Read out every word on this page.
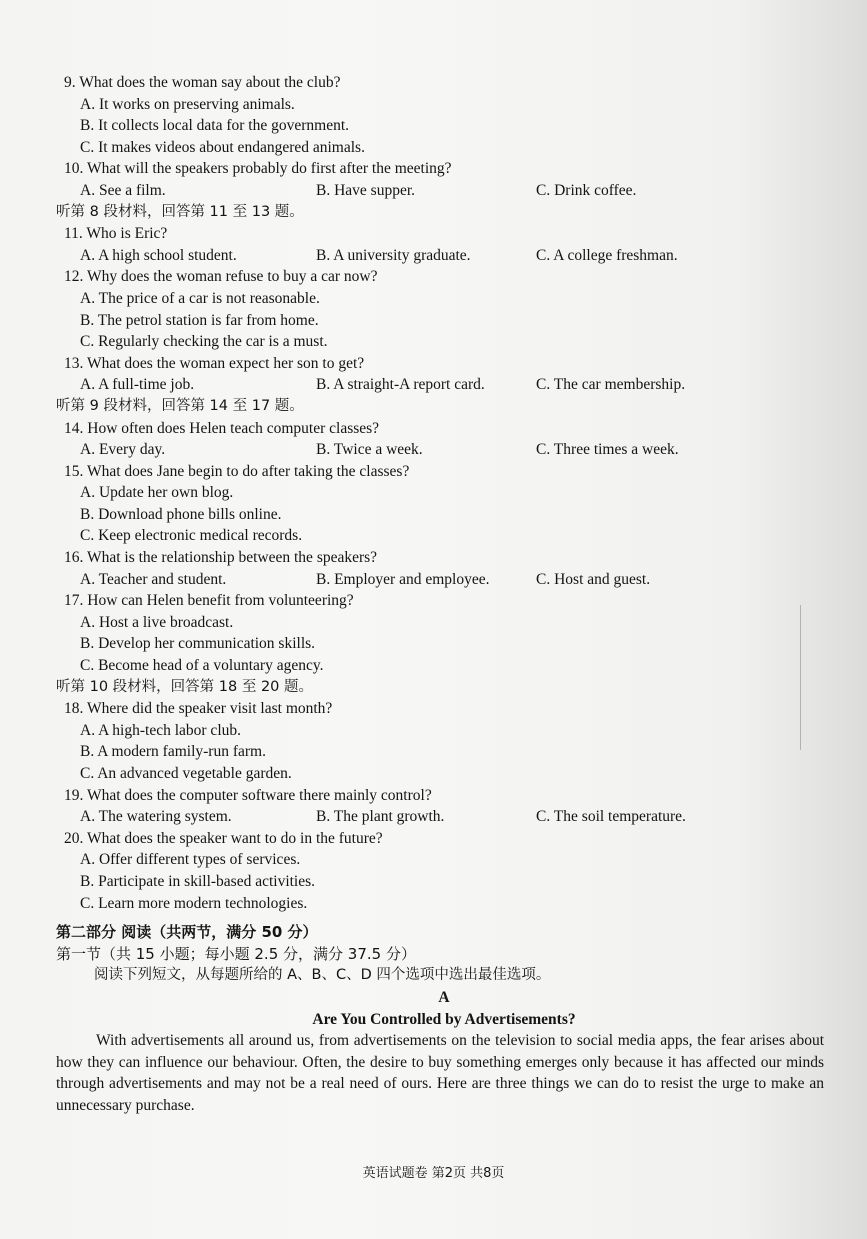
9. What does the woman say about the club?
A. It works on preserving animals.
B. It collects local data for the government.
C. It makes videos about endangered animals.
10. What will the speakers probably do first after the meeting?
A. See a film.	B. Have supper.	C. Drink coffee.
听第 8 段材料，回答第 11 至 13 题。
11. Who is Eric?
A. A high school student.	B. A university graduate.	C. A college freshman.
12. Why does the woman refuse to buy a car now?
A. The price of a car is not reasonable.
B. The petrol station is far from home.
C. Regularly checking the car is a must.
13. What does the woman expect her son to get?
A. A full-time job.	B. A straight-A report card.	C. The car membership.
听第 9 段材料，回答第 14 至 17 题。
14. How often does Helen teach computer classes?
A. Every day.	B. Twice a week.	C. Three times a week.
15. What does Jane begin to do after taking the classes?
A. Update her own blog.
B. Download phone bills online.
C. Keep electronic medical records.
16. What is the relationship between the speakers?
A. Teacher and student.	B. Employer and employee.	C. Host and guest.
17. How can Helen benefit from volunteering?
A. Host a live broadcast.
B. Develop her communication skills.
C. Become head of a voluntary agency.
听第 10 段材料，回答第 18 至 20 题。
18. Where did the speaker visit last month?
A. A high-tech labor club.
B. A modern family-run farm.
C. An advanced vegetable garden.
19. What does the computer software there mainly control?
A. The watering system.	B. The plant growth.	C. The soil temperature.
20. What does the speaker want to do in the future?
A. Offer different types of services.
B. Participate in skill-based activities.
C. Learn more modern technologies.
第二部分 阅读（共两节，满分 50 分）
第一节（共 15 小题；每小题 2.5 分，满分 37.5 分）
阅读下列短文，从每题所给的 A、B、C、D 四个选项中选出最佳选项。
A
Are You Controlled by Advertisements?
With advertisements all around us, from advertisements on the television to social media apps, the fear arises about how they can influence our behaviour. Often, the desire to buy something emerges only because it has affected our minds through advertisements and may not be a real need of ours. Here are three things we can do to resist the urge to make an unnecessary purchase.
英语试题卷 第2页 共8页
